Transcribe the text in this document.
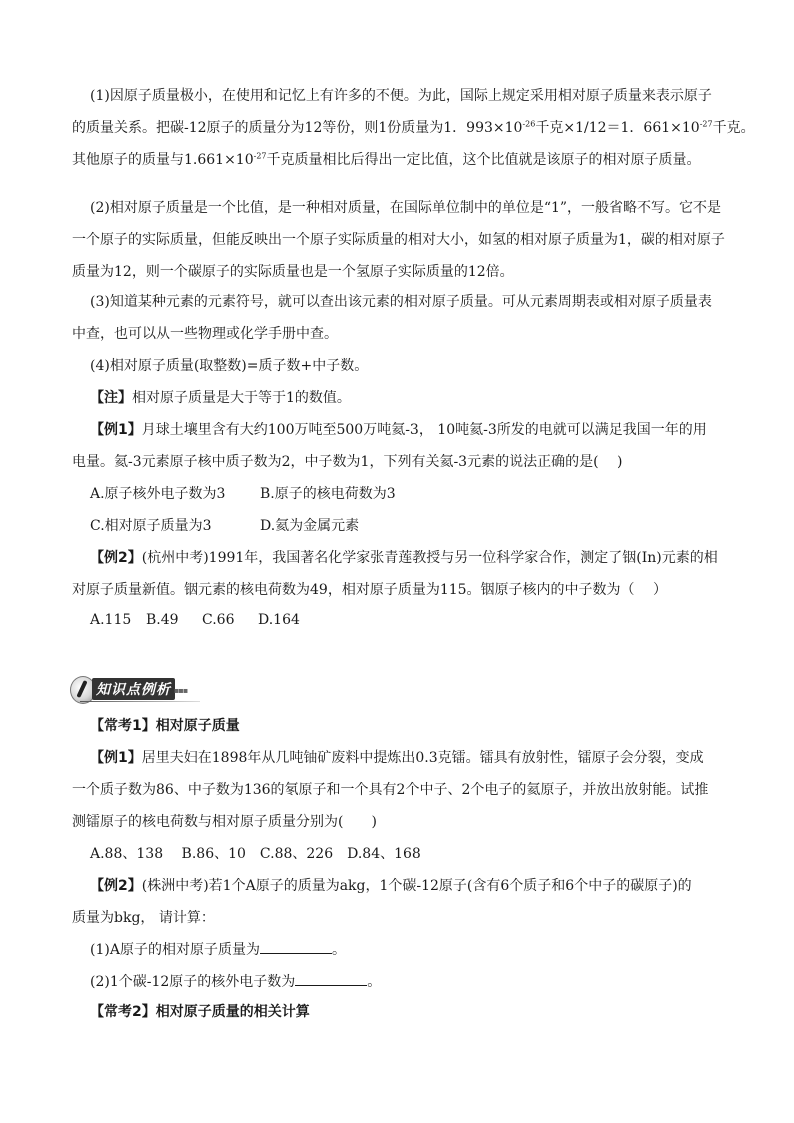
(1)因原子质量极小，在使用和记忆上有许多的不便。为此，国际上规定采用相对原子质量来表示原子
的质量关系。把碳-12原子的质量分为12等份，则1份质量为1．$993\times 10^{-26}$千克×1/12＝1．$661\times 10^{-27}$千克。
其他原子的质量与$1.661\times 10^{-27}$千克质量相比后得出一定比值，这个比值就是该原子的相对原子质量。
(2)相对原子质量是一个比值，是一种相对质量，在国际单位制中的单位是“1”，一般省略不写。它不是
一个原子的实际质量，但能反映出一个原子实际质量的相对大小，如氢的相对原子质量为1，碳的相对原子
质量为12，则一个碳原子的实际质量也是一个氢原子实际质量的12倍。
(3)知道某种元素的元素符号，就可以查出该元素的相对原子质量。可从元素周期表或相对原子质量表
中查，也可以从一些物理或化学手册中查。
(4)相对原子质量(取整数)=质子数+中子数。
【注】相对原子质量是大于等于1的数值。
【例1】月球土壤里含有大约100万吨至500万吨氦-3， 10吨氦-3所发的电就可以满足我国一年的用
电量。氦-3元素原子核中质子数为2，中子数为1，下列有关氦-3元素的说法正确的是(　 )
A.原子核外电子数为3 B.原子的核电荷数为3
C.相对原子质量为3	D.氦为金属元素
【例2】(杭州中考)1991年，我国著名化学家张青莲教授与另一位科学家合作，测定了铟(In)元素的相
对原子质量新值。铟元素的核电荷数为49，相对原子质量为115。铟原子核内的中子数为（　 ）
A.115 B.49 C.66 D.164
知识点例析 ▪▪▪
【常考1】相对原子质量
【例1】居里夫妇在1898年从几吨铀矿废料中提炼出0.3克镭。镭具有放射性，镭原子会分裂，变成
一个质子数为86、中子数为136的氡原子和一个具有2个中子、2个电子的氦原子，并放出放射能。试推
测镭原子的核电荷数与相对原子质量分别为(　　)
A.88、138　 B.86、10　C.88、226　D.84、168
【例2】(株洲中考)若1个A原子的质量为akg，1个碳-12原子(含有6个质子和6个中子的碳原子)的
质量为bkg， 请计算：
(1)A原子的相对原子质量为	。
(2)1个碳-12原子的核外电子数为	。
【常考2】相对原子质量的相关计算
